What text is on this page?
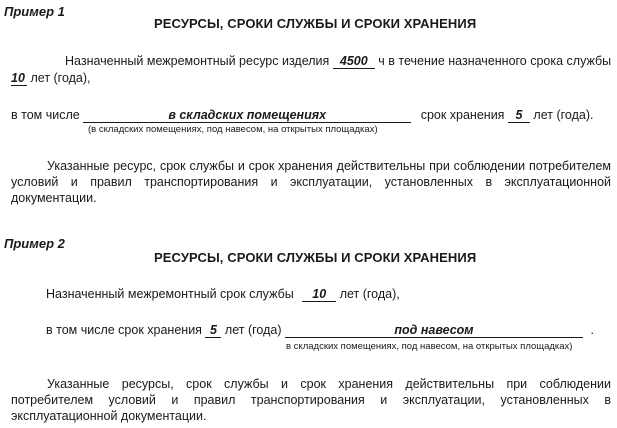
Пример 1
РЕСУРСЫ, СРОКИ СЛУЖБЫ И СРОКИ ХРАНЕНИЯ
Назначенный межремонтный ресурс изделия 4500 ч в течение назначенного срока службы
10 лет (года),
в том числе	в складских помещениях	срок хранения 5 лет (года).
(в складских помещениях, под навесом, на открытых площадках)
Указанные ресурс, срок службы и срок хранения действительны при соблюдении потребителем условий и правил транспортирования и эксплуатации, установленных в эксплуатационной документации.
Пример 2
РЕСУРСЫ, СРОКИ СЛУЖБЫ И СРОКИ ХРАНЕНИЯ
Назначенный межремонтный срок службы 10 лет (года),
в том числе срок хранения 5 лет (года)	под навесом	.
в складских помещениях, под навесом, на открытых площадках)
Указанные ресурсы, срок службы и срок хранения действительны при соблюдении потребителем условий и правил транспортирования и эксплуатации, установленных в эксплуатационной документации.
